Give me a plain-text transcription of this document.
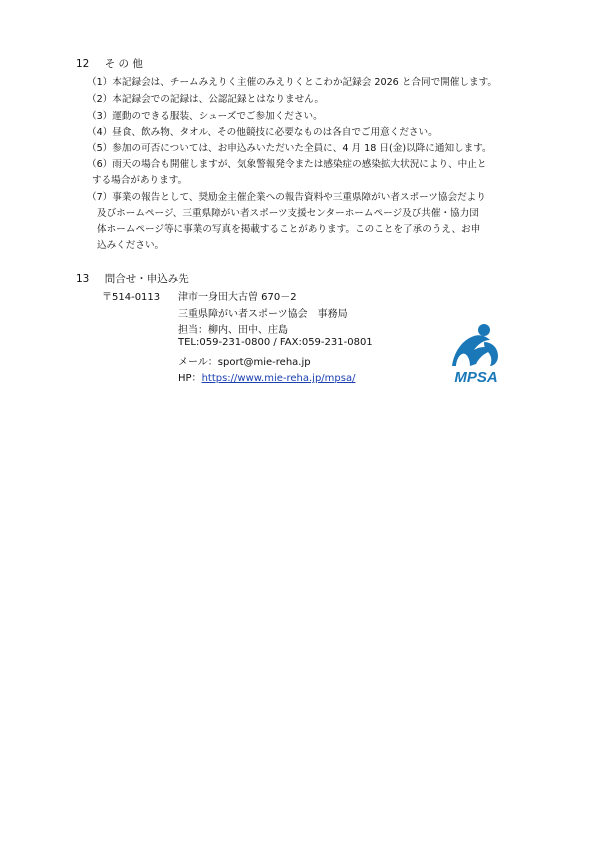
12 そ の 他
（1）本記録会は、チームみえりく主催のみえりくとこわか記録会 2026 と合同で開催します。
（2）本記録会での記録は、公認記録とはなりません。
（3）運動のできる服装、シューズでご参加ください。
（4）昼食、飲み物、タオル、その他競技に必要なものは各自でご用意ください。
（5）参加の可否については、お申込みいただいた全員に、4 月 18 日(金)以降に通知します。
（6）雨天の場合も開催しますが、気象警報発令または感染症の感染拡大状況により、中止と
する場合があります。
（7）事業の報告として、奨励金主催企業への報告資料や三重県障がい者スポーツ協会だより
及びホームページ、三重県障がい者スポーツ支援センターホームページ及び共催・協力団
体ホームページ等に事業の写真を掲載することがあります。このことを了承のうえ、お申
込みください。
13 問合せ・申込み先
〒514-0113 津市一身田大古曽 670－2
三重県障がい者スポーツ協会　事務局
担当：柳内、田中、庄島
TEL:059-231-0800 / FAX:059-231-0801
メール：sport@mie-reha.jp
HP：https://www.mie-reha.jp/mpsa/	MPSA
